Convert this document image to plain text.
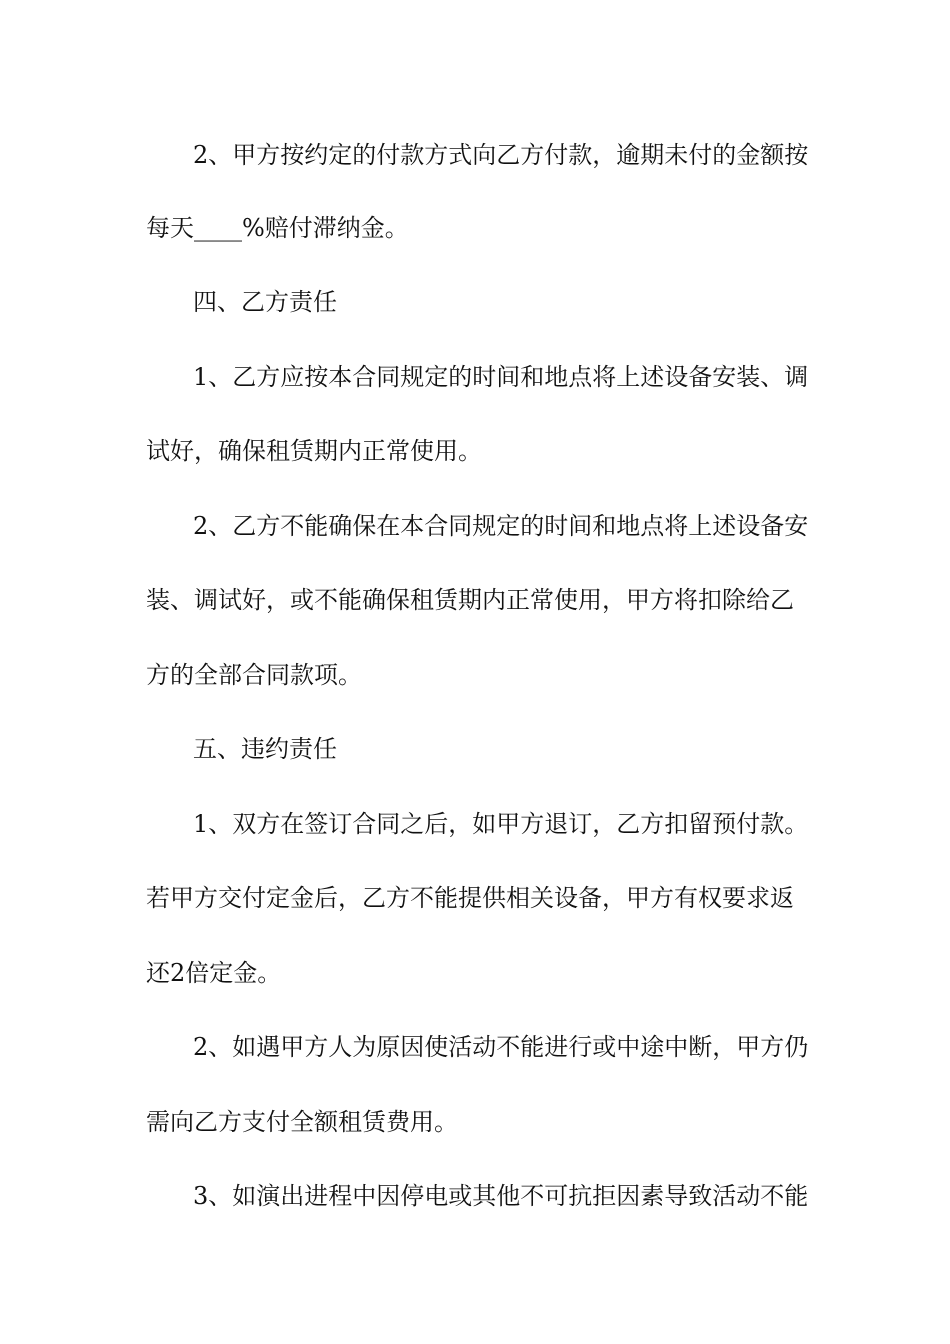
2、甲方按约定的付款方式向乙方付款，逾期未付的金额按
每天____%赔付滞纳金。
四、乙方责任
1、乙方应按本合同规定的时间和地点将上述设备安装、调
试好，确保租赁期内正常使用。
2、乙方不能确保在本合同规定的时间和地点将上述设备安
装、调试好，或不能确保租赁期内正常使用，甲方将扣除给乙
方的全部合同款项。
五、违约责任
1、双方在签订合同之后，如甲方退订，乙方扣留预付款。
若甲方交付定金后，乙方不能提供相关设备，甲方有权要求返
还2倍定金。
2、如遇甲方人为原因使活动不能进行或中途中断，甲方仍
需向乙方支付全额租赁费用。
3、如演出进程中因停电或其他不可抗拒因素导致活动不能
